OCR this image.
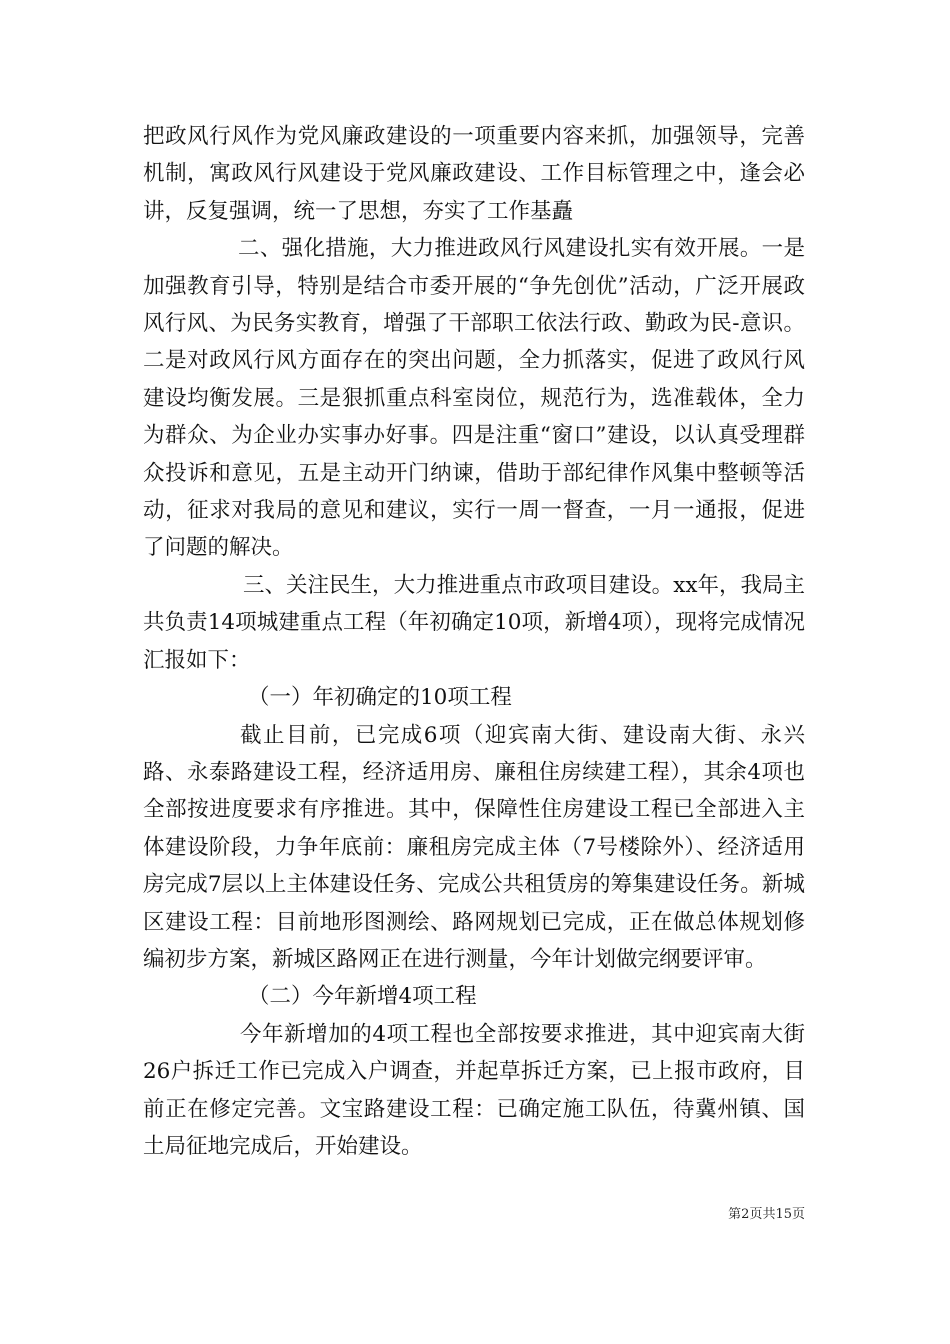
把政风行风作为党风廉政建设的一项重要内容来抓，加强领导，完善机制，寓政风行风建设于党风廉政建设、工作目标管理之中，逢会必讲，反复强调，统一了思想，夯实了工作基矗

二、强化措施，大力推进政风行风建设扎实有效开展。一是加强教育引导，特别是结合市委开展的“争先创优”活动，广泛开展政风行风、为民务实教育，增强了干部职工依法行政、勤政为民-意识。二是对政风行风方面存在的突出问题，全力抓落实，促进了政风行风建设均衡发展。三是狠抓重点科室岗位，规范行为，选准载体，全力为群众、为企业办实事办好事。四是注重“窗口”建设，以认真受理群众投诉和意见，五是主动开门纳谏，借助于部纪律作风集中整顿等活动，征求对我局的意见和建议，实行一周一督查，一月一通报，促进了问题的解决。

三、关注民生，大力推进重点市政项目建设。xx年，我局主共负责14项城建重点工程（年初确定10项，新增4项），现将完成情况汇报如下：

（一）年初确定的10项工程

截止目前，已完成6项（迎宾南大街、建设南大街、永兴路、永泰路建设工程，经济适用房、廉租住房续建工程），其余4项也全部按进度要求有序推进。其中，保障性住房建设工程已全部进入主体建设阶段，力争年底前：廉租房完成主体（7号楼除外）、经济适用房完成7层以上主体建设任务、完成公共租赁房的筹集建设任务。新城区建设工程：目前地形图测绘、路网规划已完成，正在做总体规划修编初步方案，新城区路网正在进行测量，今年计划做完纲要评审。

（二）今年新增4项工程

今年新增加的4项工程也全部按要求推进，其中迎宾南大街26户拆迁工作已完成入户调查，并起草拆迁方案，已上报市政府，目前正在修定完善。文宝路建设工程：已确定施工队伍，待冀州镇、国土局征地完成后，开始建设。

第2页共15页
